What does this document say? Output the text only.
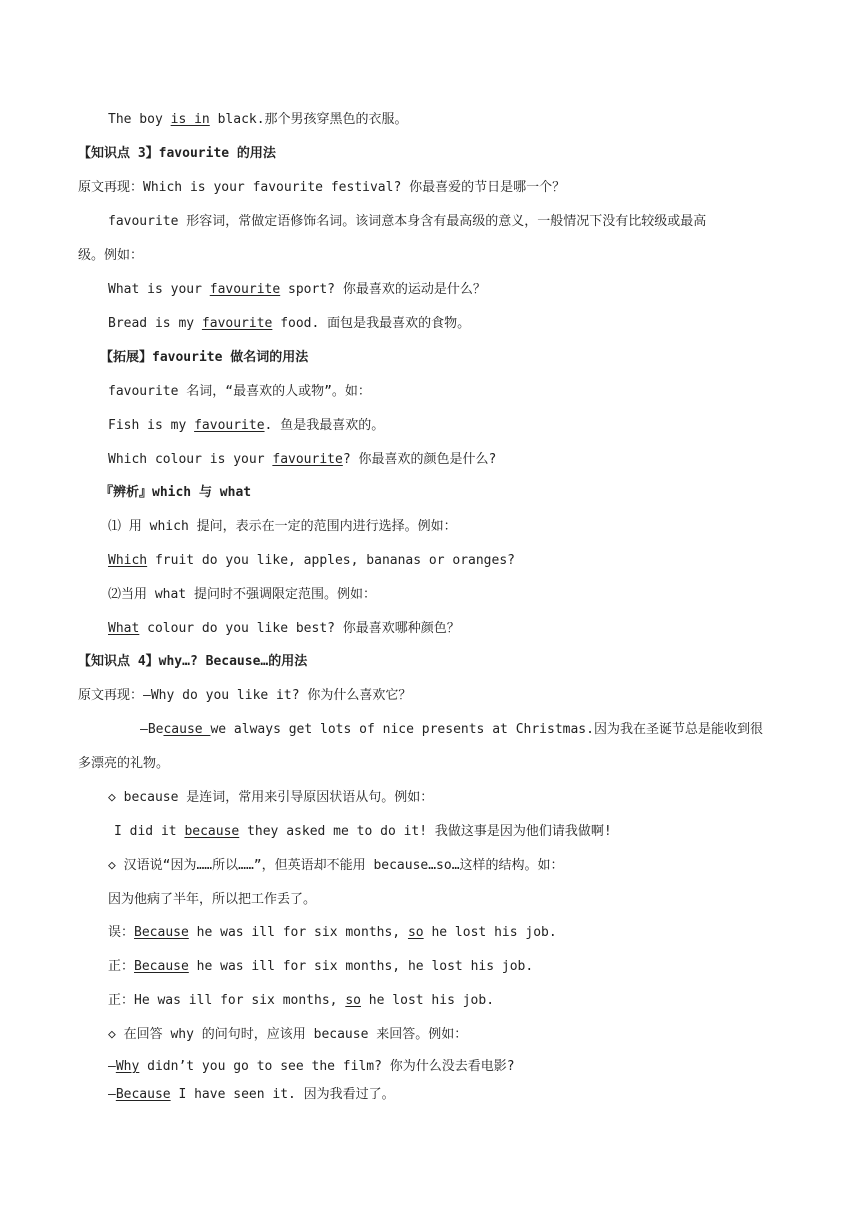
The boy is in black.那个男孩穿黑色的衣服。
【知识点 3】favourite 的用法
原文再现：Which is your favourite festival? 你最喜爱的节日是哪一个？
favourite 形容词，常做定语修饰名词。该词意本身含有最高级的意义，一般情况下没有比较级或最高
级。例如：
What is your favourite sport? 你最喜欢的运动是什么？
Bread is my favourite food. 面包是我最喜欢的食物。
【拓展】favourite 做名词的用法
favourite 名词，“最喜欢的人或物”。如：
Fish is my favourite. 鱼是我最喜欢的。
Which colour is your favourite? 你最喜欢的颜色是什么?
『辨析』which 与 what
⑴ 用 which 提问，表示在一定的范围内进行选择。例如：
Which fruit do you like, apples, bananas or oranges?
⑵当用 what 提问时不强调限定范围。例如：
What colour do you like best? 你最喜欢哪种颜色？
【知识点 4】why…? Because…的用法
原文再现：—Why do you like it? 你为什么喜欢它？
—Because we always get lots of nice presents at Christmas.因为我在圣诞节总是能收到很
多漂亮的礼物。
◇ because 是连词，常用来引导原因状语从句。例如：
I did it because they asked me to do it! 我做这事是因为他们请我做啊!
◇ 汉语说“因为……所以……”，但英语却不能用 because…so…这样的结构。如：
因为他病了半年，所以把工作丢了。
误：Because he was ill for six months, so he lost his job.
正：Because he was ill for six months, he lost his job.
正：He was ill for six months, so he lost his job.
◇ 在回答 why 的问句时，应该用 because 来回答。例如：
—Why didn’t you go to see the film? 你为什么没去看电影?
—Because I have seen it. 因为我看过了。
